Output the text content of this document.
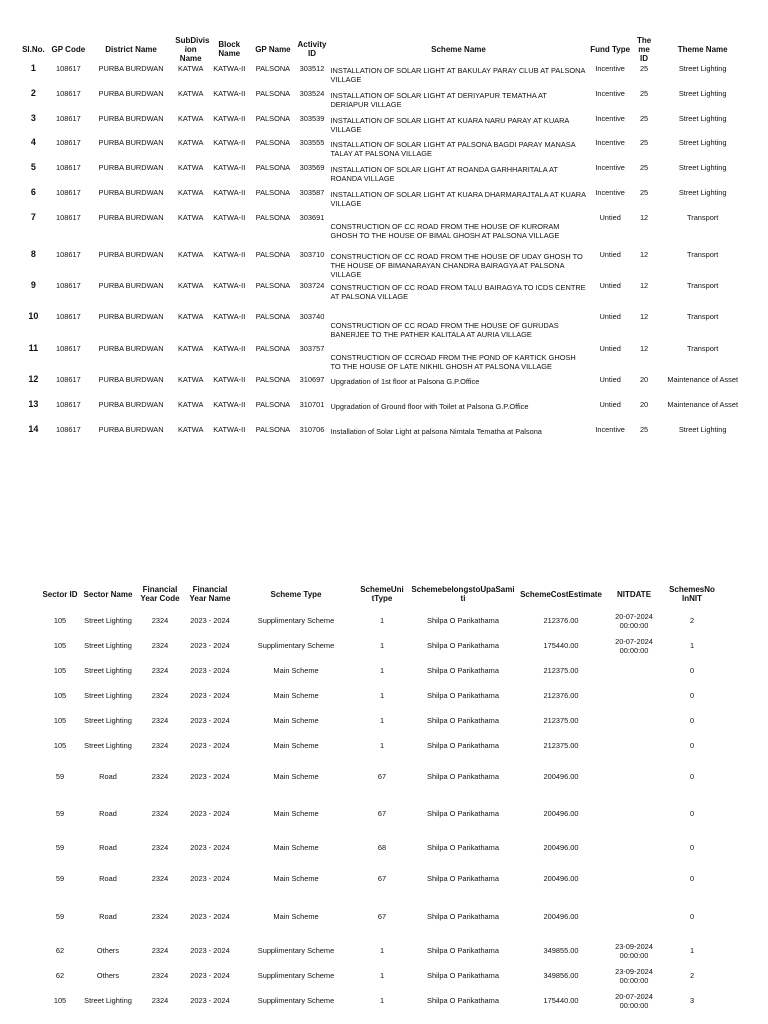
Sl.No.	GP Code	District Name	SubDivis ion Name	Block Name	GP Name	Activity ID	Scheme Name	Fund Type	The me ID	Theme Name
1	108617	PURBA BURDWAN	KATWA	KATWA-II	PALSONA	303512	INSTALLATION OF SOLAR LIGHT AT BAKULAY PARAY CLUB AT PALSONA VILLAGE	Incentive	25	Street Lighting
2	108617	PURBA BURDWAN	KATWA	KATWA-II	PALSONA	303524	INSTALLATION OF SOLAR LIGHT AT DERIYAPUR TEMATHA AT DERIAPUR VILLAGE	Incentive	25	Street Lighting
3	108617	PURBA BURDWAN	KATWA	KATWA-II	PALSONA	303539	INSTALLATION OF SOLAR LIGHT AT KUARA NARU PARAY AT KUARA VILLAGE	Incentive	25	Street Lighting
4	108617	PURBA BURDWAN	KATWA	KATWA-II	PALSONA	303555	INSTALLATION OF SOLAR LIGHT AT PALSONA BAGDI PARAY MANASA TALAY AT PALSONA VILLAGE	Incentive	25	Street Lighting
5	108617	PURBA BURDWAN	KATWA	KATWA-II	PALSONA	303569	INSTALLATION OF SOLAR LIGHT AT ROANDA GARHHARITALA AT ROANDA VILLAGE	Incentive	25	Street Lighting
6	108617	PURBA BURDWAN	KATWA	KATWA-II	PALSONA	303587	INSTALLATION OF SOLAR LIGHT AT KUARA DHARMARAJTALA AT KUARA VILLAGE	Incentive	25	Street Lighting
7	108617	PURBA BURDWAN	KATWA	KATWA-II	PALSONA	303691	CONSTRUCTION OF CC ROAD FROM THE HOUSE OF KURORAM GHOSH TO THE HOUSE OF BIMAL GHOSH AT PALSONA VILLAGE	Untied	12	Transport
8	108617	PURBA BURDWAN	KATWA	KATWA-II	PALSONA	303710	CONSTRUCTION OF CC ROAD FROM THE HOUSE OF UDAY GHOSH TO THE HOUSE OF BIMANARAYAN CHANDRA BAIRAGYA AT PALSONA VILLAGE	Untied	12	Transport
9	108617	PURBA BURDWAN	KATWA	KATWA-II	PALSONA	303724	CONSTRUCTION OF CC ROAD FROM TALU BAIRAGYA TO ICDS CENTRE AT PALSONA VILLAGE	Untied	12	Transport
10	108617	PURBA BURDWAN	KATWA	KATWA-II	PALSONA	303740	CONSTRUCTION OF CC ROAD FROM THE HOUSE OF GURUDAS BANERJEE TO THE PATHER KALITALA AT AURIA VILLAGE	Untied	12	Transport
11	108617	PURBA BURDWAN	KATWA	KATWA-II	PALSONA	303757	CONSTRUCTION OF CCROAD FROM THE POND OF KARTICK GHOSH TO THE HOUSE OF LATE NIKHIL GHOSH AT PALSONA VILLAGE	Untied	12	Transport
12	108617	PURBA BURDWAN	KATWA	KATWA-II	PALSONA	310697	Upgradation of 1st floor at Palsona G.P.Office	Untied	20	Maintenance of Asset
13	108617	PURBA BURDWAN	KATWA	KATWA-II	PALSONA	310701	Upgradation of Ground floor with Toilet at Palsona G.P.Office	Untied	20	Maintenance of Asset
14	108617	PURBA BURDWAN	KATWA	KATWA-II	PALSONA	310706	Installation of Solar Light at palsona Nimtala Tematha at Palsona	Incentive	25	Street Lighting
Sector ID	Sector Name	Financial Year Code	Financial Year Name	Scheme Type	SchemeUni tType	SchemebelongstoUpaSami ti	SchemeCostEstimate	NITDATE	SchemesNo InNIT
105	Street Lighting	2324	2023 - 2024	Supplimentary Scheme	1	Shilpa O Parikathama	212376.00	20-07-2024 00:00:00	2
105	Street Lighting	2324	2023 - 2024	Supplimentary Scheme	1	Shilpa O Parikathama	175440.00	20-07-2024 00:00:00	1
105	Street Lighting	2324	2023 - 2024	Main Scheme	1	Shilpa O Parikathama	212375.00		0
105	Street Lighting	2324	2023 - 2024	Main Scheme	1	Shilpa O Parikathama	212376.00		0
105	Street Lighting	2324	2023 - 2024	Main Scheme	1	Shilpa O Parikathama	212375.00		0
105	Street Lighting	2324	2023 - 2024	Main Scheme	1	Shilpa O Parikathama	212375.00		0
59	Road	2324	2023 - 2024	Main Scheme	67	Shilpa O Parikathama	200496.00		0
59	Road	2324	2023 - 2024	Main Scheme	67	Shilpa O Parikathama	200496.00		0
59	Road	2324	2023 - 2024	Main Scheme	68	Shilpa O Parikathama	200496.00		0
59	Road	2324	2023 - 2024	Main Scheme	67	Shilpa O Parikathama	200496.00		0
59	Road	2324	2023 - 2024	Main Scheme	67	Shilpa O Parikathama	200496.00		0
62	Others	2324	2023 - 2024	Supplimentary Scheme	1	Shilpa O Parikathama	349855.00	23-09-2024 00:00:00	1
62	Others	2324	2023 - 2024	Supplimentary Scheme	1	Shilpa O Parikathama	349856.00	23-09-2024 00:00:00	2
105	Street Lighting	2324	2023 - 2024	Supplimentary Scheme	1	Shilpa O Parikathama	175440.00	20-07-2024 00:00:00	3
